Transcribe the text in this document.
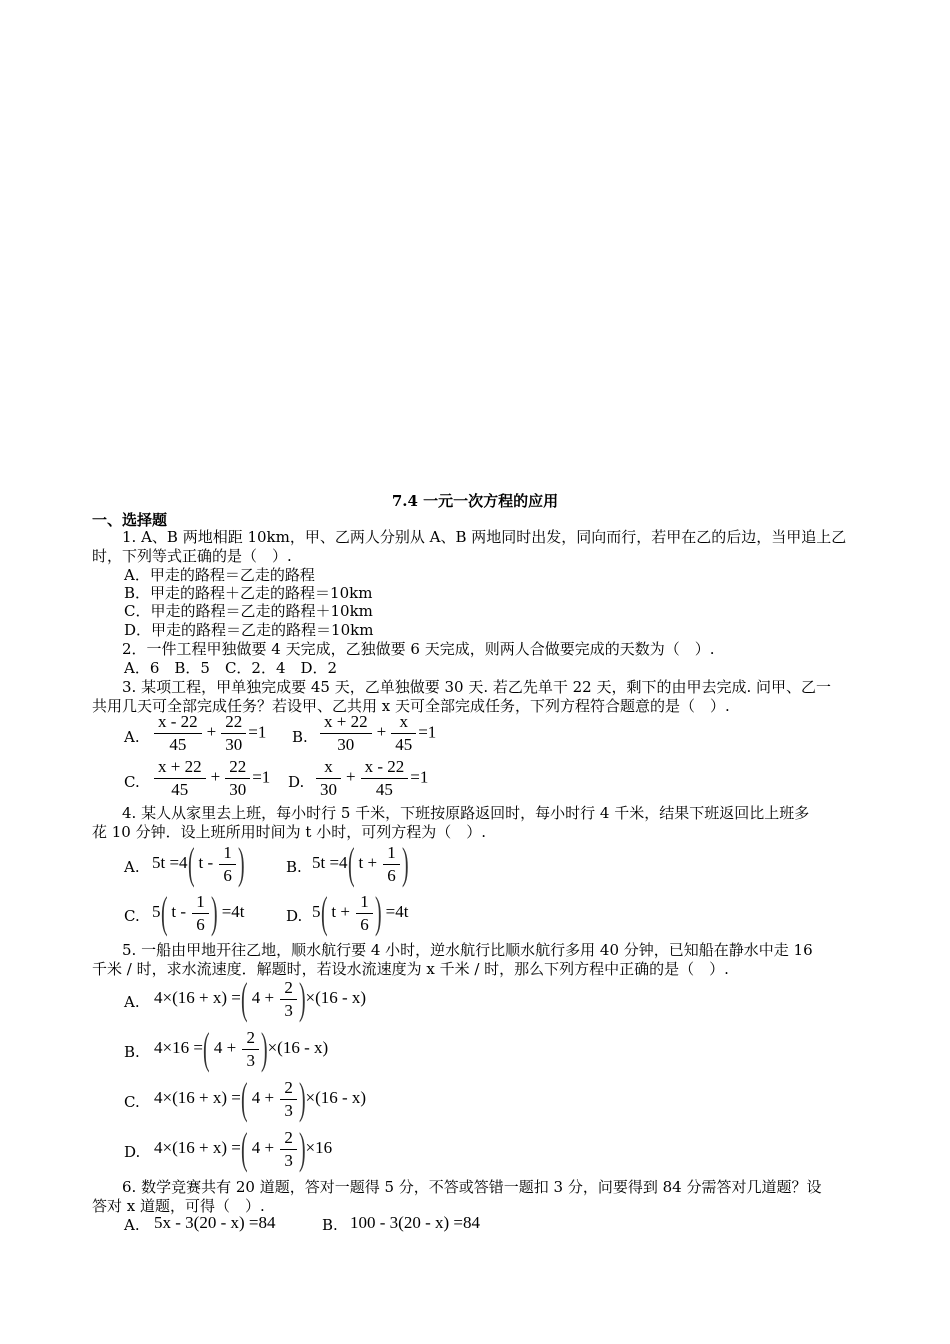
7.4 一元一次方程的应用
一、选择题
1. A、B 两地相距 10km，甲、乙两人分别从 A、B 两地同时出发，同向而行，若甲在乙的后边，当甲追上乙
时，下列等式正确的是（　）.
A．甲走的路程＝乙走的路程
B．甲走的路程＋乙走的路程＝10km
C．甲走的路程＝乙走的路程＋10km
D．甲走的路程＝乙走的路程＝10km
2．一件工程甲独做要 4 天完成，乙独做要 6 天完成，则两人合做要完成的天数为（　）.
A．6　B．5　C．2．4　D．2
3. 某项工程，甲单独完成要 45 天，乙单独做要 30 天. 若乙先单干 22 天，剩下的由甲去完成. 问甲、乙一
共用几天可全部完成任务？若设甲、乙共用 x 天可全部完成任务，下列方程符合题意的是（　）.
A. $\frac{x - 22}{45} + \frac{22}{30} =1$ B. $\frac{x + 22}{30} + \frac{x}{45} =1$
C. $\frac{x + 22}{45} + \frac{22}{30} =1$ D. $\frac{x}{30} + \frac{x - 22}{45} =1$
4. 某人从家里去上班，每小时行 5 千米，下班按原路返回时，每小时行 4 千米，结果下班返回比上班多
花 10 分钟．设上班所用时间为 t 小时，可列方程为（　）.
A. 5t =4( t - $\frac{1}{6}$ )	B. 5t =4( $t + \frac{1}{6}$ )
C. 5( t - $\frac{1}{6}$ ) =4t	D. 5( $t + \frac{1}{6}$ ) =4t
5. 一船由甲地开往乙地，顺水航行要 4 小时，逆水航行比顺水航行多用 40 分钟，已知船在静水中走 16
千米 / 时，求水流速度．解题时，若设水流速度为 x 千米 / 时，那么下列方程中正确的是（　）.
A. 4×(16 + x) =( $4 + \frac{2}{3} )\times(16 - x)$
B. 4×16 =( $4 + \frac{2}{3} )\times(16 - x)$
C. 4×(16 + x) =( $4 + \frac{2}{3} )\times(16 - x)$
D. 4×(16 + x) =( $4 + \frac{2}{3} )\times 16$
6. 数学竞赛共有 20 道题，答对一题得 5 分，不答或答错一题扣 3 分，问要得到 84 分需答对几道题？设
答对 x 道题，可得（　）.
A. 5x - 3(20 - x) =84	B. 100 - 3(20 - x) =84
